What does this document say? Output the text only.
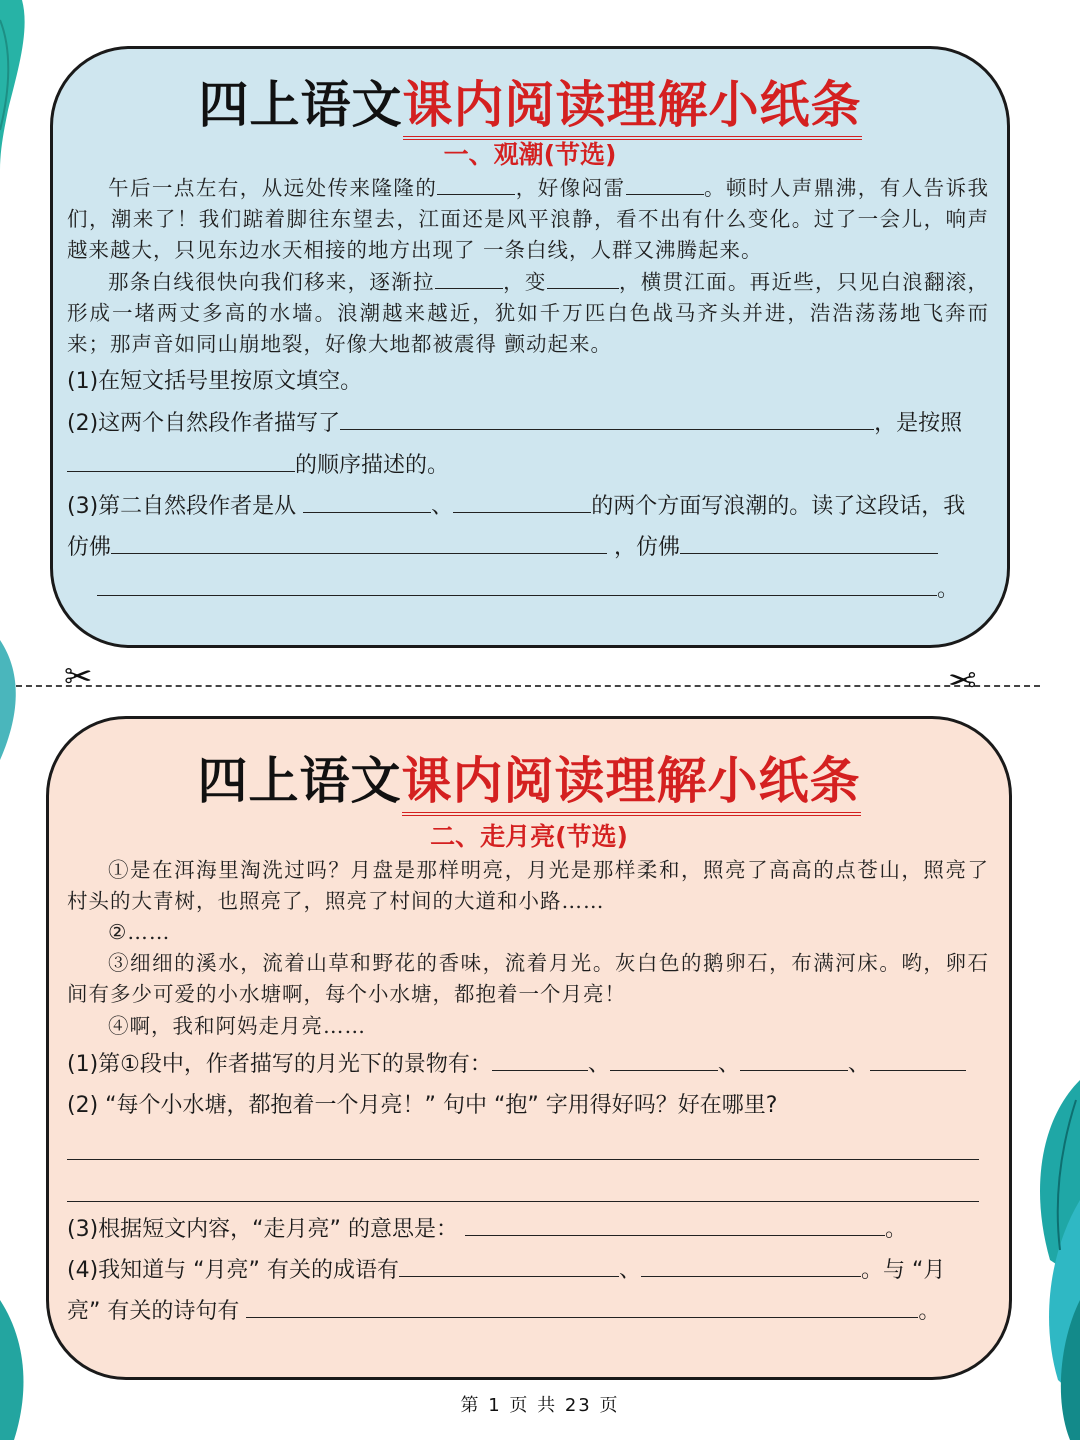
四上语文课内阅读理解小纸条
一、观潮(节选)

午后一点左右，从远处传来隆隆的	，好像闷雷	。顿时人声鼎沸，有人告诉我们，潮来了！我们踮着脚往东望去，江面还是风平浪静，看不出有什么变化。过了一会儿，响声越来越大，只见东边水天相接的地方出现了 一条白线，人群又沸腾起来。

那条白线很快向我们移来，逐渐拉	，变	，横贯江面。再近些，只见白浪翻滚，形成一堵两丈多高的水墙。浪潮越来越近，犹如千万匹白色战马齐头并进，浩浩荡荡地飞奔而来；那声音如同山崩地裂，好像大地都被震得 颤动起来。

(1)在短文括号里按原文填空。

(2)这两个自然段作者描写了	，是按照

的顺序描述的。

(3)第二自然段作者是从	、	的两个方面写浪潮的。读了这段话，我

仿佛	，仿佛

。

✂	✂
四上语文课内阅读理解小纸条
二、走月亮(节选)

①是在洱海里淘洗过吗？月盘是那样明亮，月光是那样柔和，照亮了高高的点苍山，照亮了村头的大青树，也照亮了，照亮了村间的大道和小路……

②……

③细细的溪水，流着山草和野花的香味，流着月光。灰白色的鹅卵石，布满河床。哟，卵石间有多少可爱的小水塘啊，每个小水塘，都抱着一个月亮！

④啊，我和阿妈走月亮……

(1)第①段中，作者描写的月光下的景物有：	、	、	、

(2) “每个小水塘，都抱着一个月亮！” 句中 “抱” 字用得好吗？好在哪里?

(3)根据短文内容，“走月亮” 的意思是：	。

(4)我知道与 “月亮” 有关的成语有	、	。与 “月

亮” 有关的诗句有	。

第 1 页 共 23 页
